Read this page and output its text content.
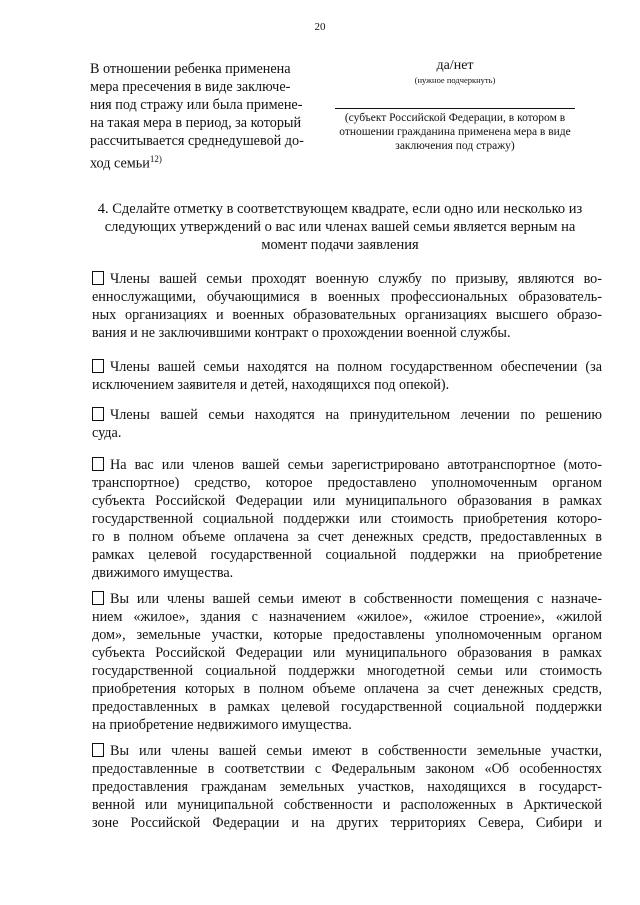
20
В отношении ребенка применена
мера пресечения в виде заключе-
ния под стражу или была примене-
на такая мера в период, за который
рассчитывается среднедушевой до-
ход семьи$^{12)}$
да/нет
(нужное подчеркнуть)
(субъект Российской Федерации, в котором в
отношении гражданина применена мера в виде
заключения под стражу)
4. Сделайте отметку в соответствующем квадрате, если одно или несколько из
следующих утверждений о вас или членах вашей семьи является верным на
момент подачи заявления
Члены вашей семьи проходят военную службу по призыву, являются во-
еннослужащими, обучающимися в военных профессиональных образователь-
ных организациях и военных образовательных организациях высшего образо-
вания и не заключившими контракт о прохождении военной службы.
Члены вашей семьи находятся на полном государственном обеспечении (за
исключением заявителя и детей, находящихся под опекой).
Члены вашей семьи находятся на принудительном лечении по решению
суда.
На вас или членов вашей семьи зарегистрировано автотранспортное (мото-
транспортное) средство, которое предоставлено уполномоченным органом
субъекта Российской Федерации или муниципального образования в рамках
государственной социальной поддержки или стоимость приобретения которо-
го в полном объеме оплачена за счет денежных средств, предоставленных в
рамках целевой государственной социальной поддержки на приобретение
движимого имущества.
Вы или члены вашей семьи имеют в собственности помещения с назначе-
нием «жилое», здания с назначением «жилое», «жилое строение», «жилой
дом», земельные участки, которые предоставлены уполномоченным органом
субъекта Российской Федерации или муниципального образования в рамках
государственной социальной поддержки многодетной семьи или стоимость
приобретения которых в полном объеме оплачена за счет денежных средств,
предоставленных в рамках целевой государственной социальной поддержки
на приобретение недвижимого имущества.
Вы или члены вашей семьи имеют в собственности земельные участки,
предоставленные в соответствии с Федеральным законом «Об особенностях
предоставления гражданам земельных участков, находящихся в государст-
венной или муниципальной собственности и расположенных в Арктической
зоне Российской Федерации и на других территориях Севера, Сибири и
